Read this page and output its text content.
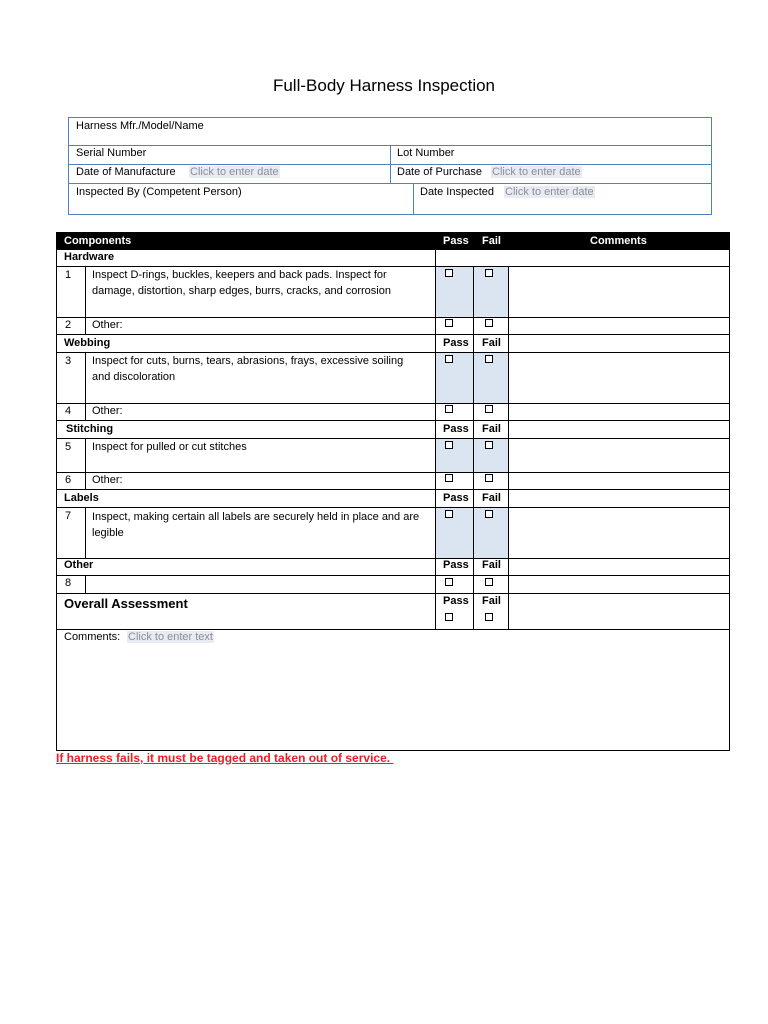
Full-Body Harness Inspection
Harness Mfr./Model/Name
Serial Number	Lot Number
Date of Manufacture Click to enter date	Date of Purchase Click to enter date
Inspected By (Competent Person)	Date Inspected Click to enter date
Components	Pass Fail	Comments
Hardware
1 Inspect D-rings, buckles, keepers and back pads. Inspect for damage, distortion, sharp edges, burrs, cracks, and corrosion
2 Other:
Webbing	Pass Fail
3 Inspect for cuts, burns, tears, abrasions, frays, excessive soiling and discoloration
4 Other:
Stitching	Pass Fail
5 Inspect for pulled or cut stitches
6 Other:
Labels	Pass Fail
7 Inspect, making certain all labels are securely held in place and are legible
Other	Pass Fail
8
Overall Assessment	Pass Fail
Comments: Click to enter text
If harness fails, it must be tagged and taken out of service.
